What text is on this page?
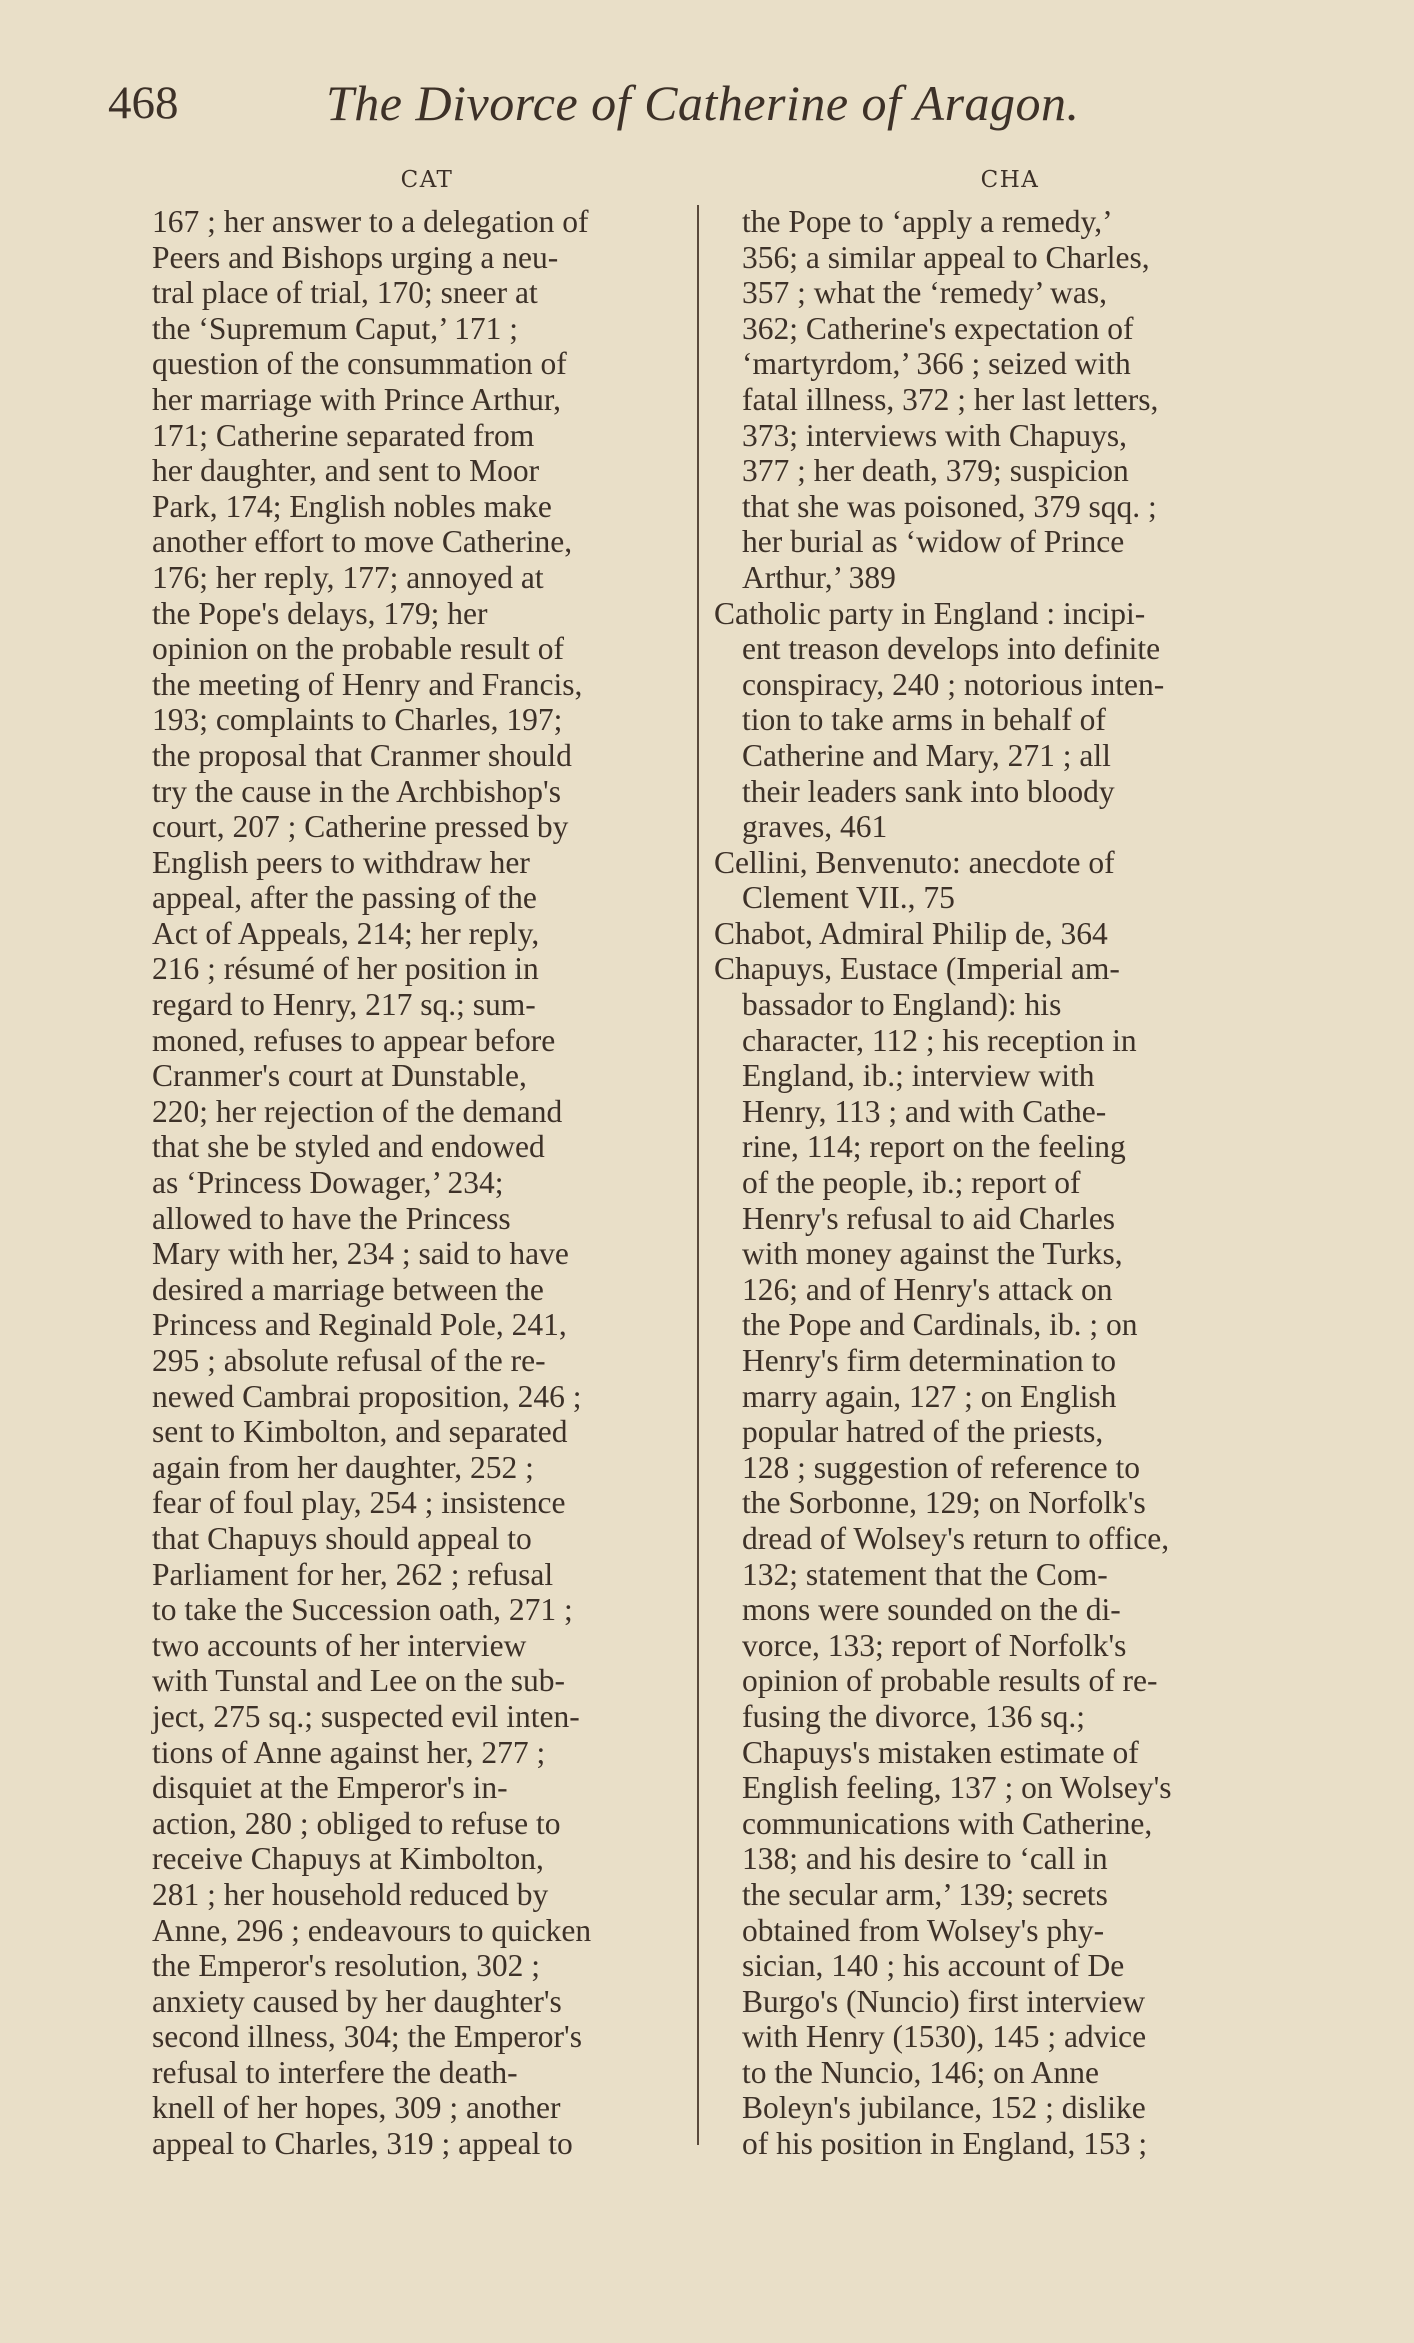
468	The Divorce of Catherine of Aragon.
CAT
167 ; her answer to a delegation of
Peers and Bishops urging a neu-
tral place of trial, 170; sneer at
the ‘Supremum Caput,’ 171 ;
question of the consummation of
her marriage with Prince Arthur,
171; Catherine separated from
her daughter, and sent to Moor
Park, 174; English nobles make
another effort to move Catherine,
176; her reply, 177; annoyed at
the Pope's delays, 179; her
opinion on the probable result of
the meeting of Henry and Francis,
193; complaints to Charles, 197;
the proposal that Cranmer should
try the cause in the Archbishop's
court, 207 ; Catherine pressed by
English peers to withdraw her
appeal, after the passing of the
Act of Appeals, 214; her reply,
216 ; résumé of her position in
regard to Henry, 217 sq.; sum-
moned, refuses to appear before
Cranmer's court at Dunstable,
220; her rejection of the demand
that she be styled and endowed
as ‘Princess Dowager,’ 234;
allowed to have the Princess
Mary with her, 234 ; said to have
desired a marriage between the
Princess and Reginald Pole, 241,
295 ; absolute refusal of the re-
newed Cambrai proposition, 246 ;
sent to Kimbolton, and separated
again from her daughter, 252 ;
fear of foul play, 254 ; insistence
that Chapuys should appeal to
Parliament for her, 262 ; refusal
to take the Succession oath, 271 ;
two accounts of her interview
with Tunstal and Lee on the sub-
ject, 275 sq.; suspected evil inten-
tions of Anne against her, 277 ;
disquiet at the Emperor's in-
action, 280 ; obliged to refuse to
receive Chapuys at Kimbolton,
281 ; her household reduced by
Anne, 296 ; endeavours to quicken
the Emperor's resolution, 302 ;
anxiety caused by her daughter's
second illness, 304; the Emperor's
refusal to interfere the death-
knell of her hopes, 309 ; another
appeal to Charles, 319 ; appeal to
CHA
the Pope to ‘apply a remedy,’
356; a similar appeal to Charles,
357 ; what the ‘remedy’ was,
362; Catherine's expectation of
‘martyrdom,’ 366 ; seized with
fatal illness, 372 ; her last letters,
373; interviews with Chapuys,
377 ; her death, 379; suspicion
that she was poisoned, 379 sqq. ;
her burial as ‘widow of Prince
Arthur,’ 389
Catholic party in England : incipi-
ent treason develops into definite
conspiracy, 240 ; notorious inten-
tion to take arms in behalf of
Catherine and Mary, 271 ; all
their leaders sank into bloody
graves, 461
Cellini, Benvenuto: anecdote of
Clement VII., 75
Chabot, Admiral Philip de, 364
Chapuys, Eustace (Imperial am-
bassador to England): his
character, 112 ; his reception in
England, ib.; interview with
Henry, 113 ; and with Cathe-
rine, 114; report on the feeling
of the people, ib.; report of
Henry's refusal to aid Charles
with money against the Turks,
126; and of Henry's attack on
the Pope and Cardinals, ib. ; on
Henry's firm determination to
marry again, 127 ; on English
popular hatred of the priests,
128 ; suggestion of reference to
the Sorbonne, 129; on Norfolk's
dread of Wolsey's return to office,
132; statement that the Com-
mons were sounded on the di-
vorce, 133; report of Norfolk's
opinion of probable results of re-
fusing the divorce, 136 sq.;
Chapuys's mistaken estimate of
English feeling, 137 ; on Wolsey's
communications with Catherine,
138; and his desire to ‘call in
the secular arm,’ 139; secrets
obtained from Wolsey's phy-
sician, 140 ; his account of De
Burgo's (Nuncio) first interview
with Henry (1530), 145 ; advice
to the Nuncio, 146; on Anne
Boleyn's jubilance, 152 ; dislike
of his position in England, 153 ;
